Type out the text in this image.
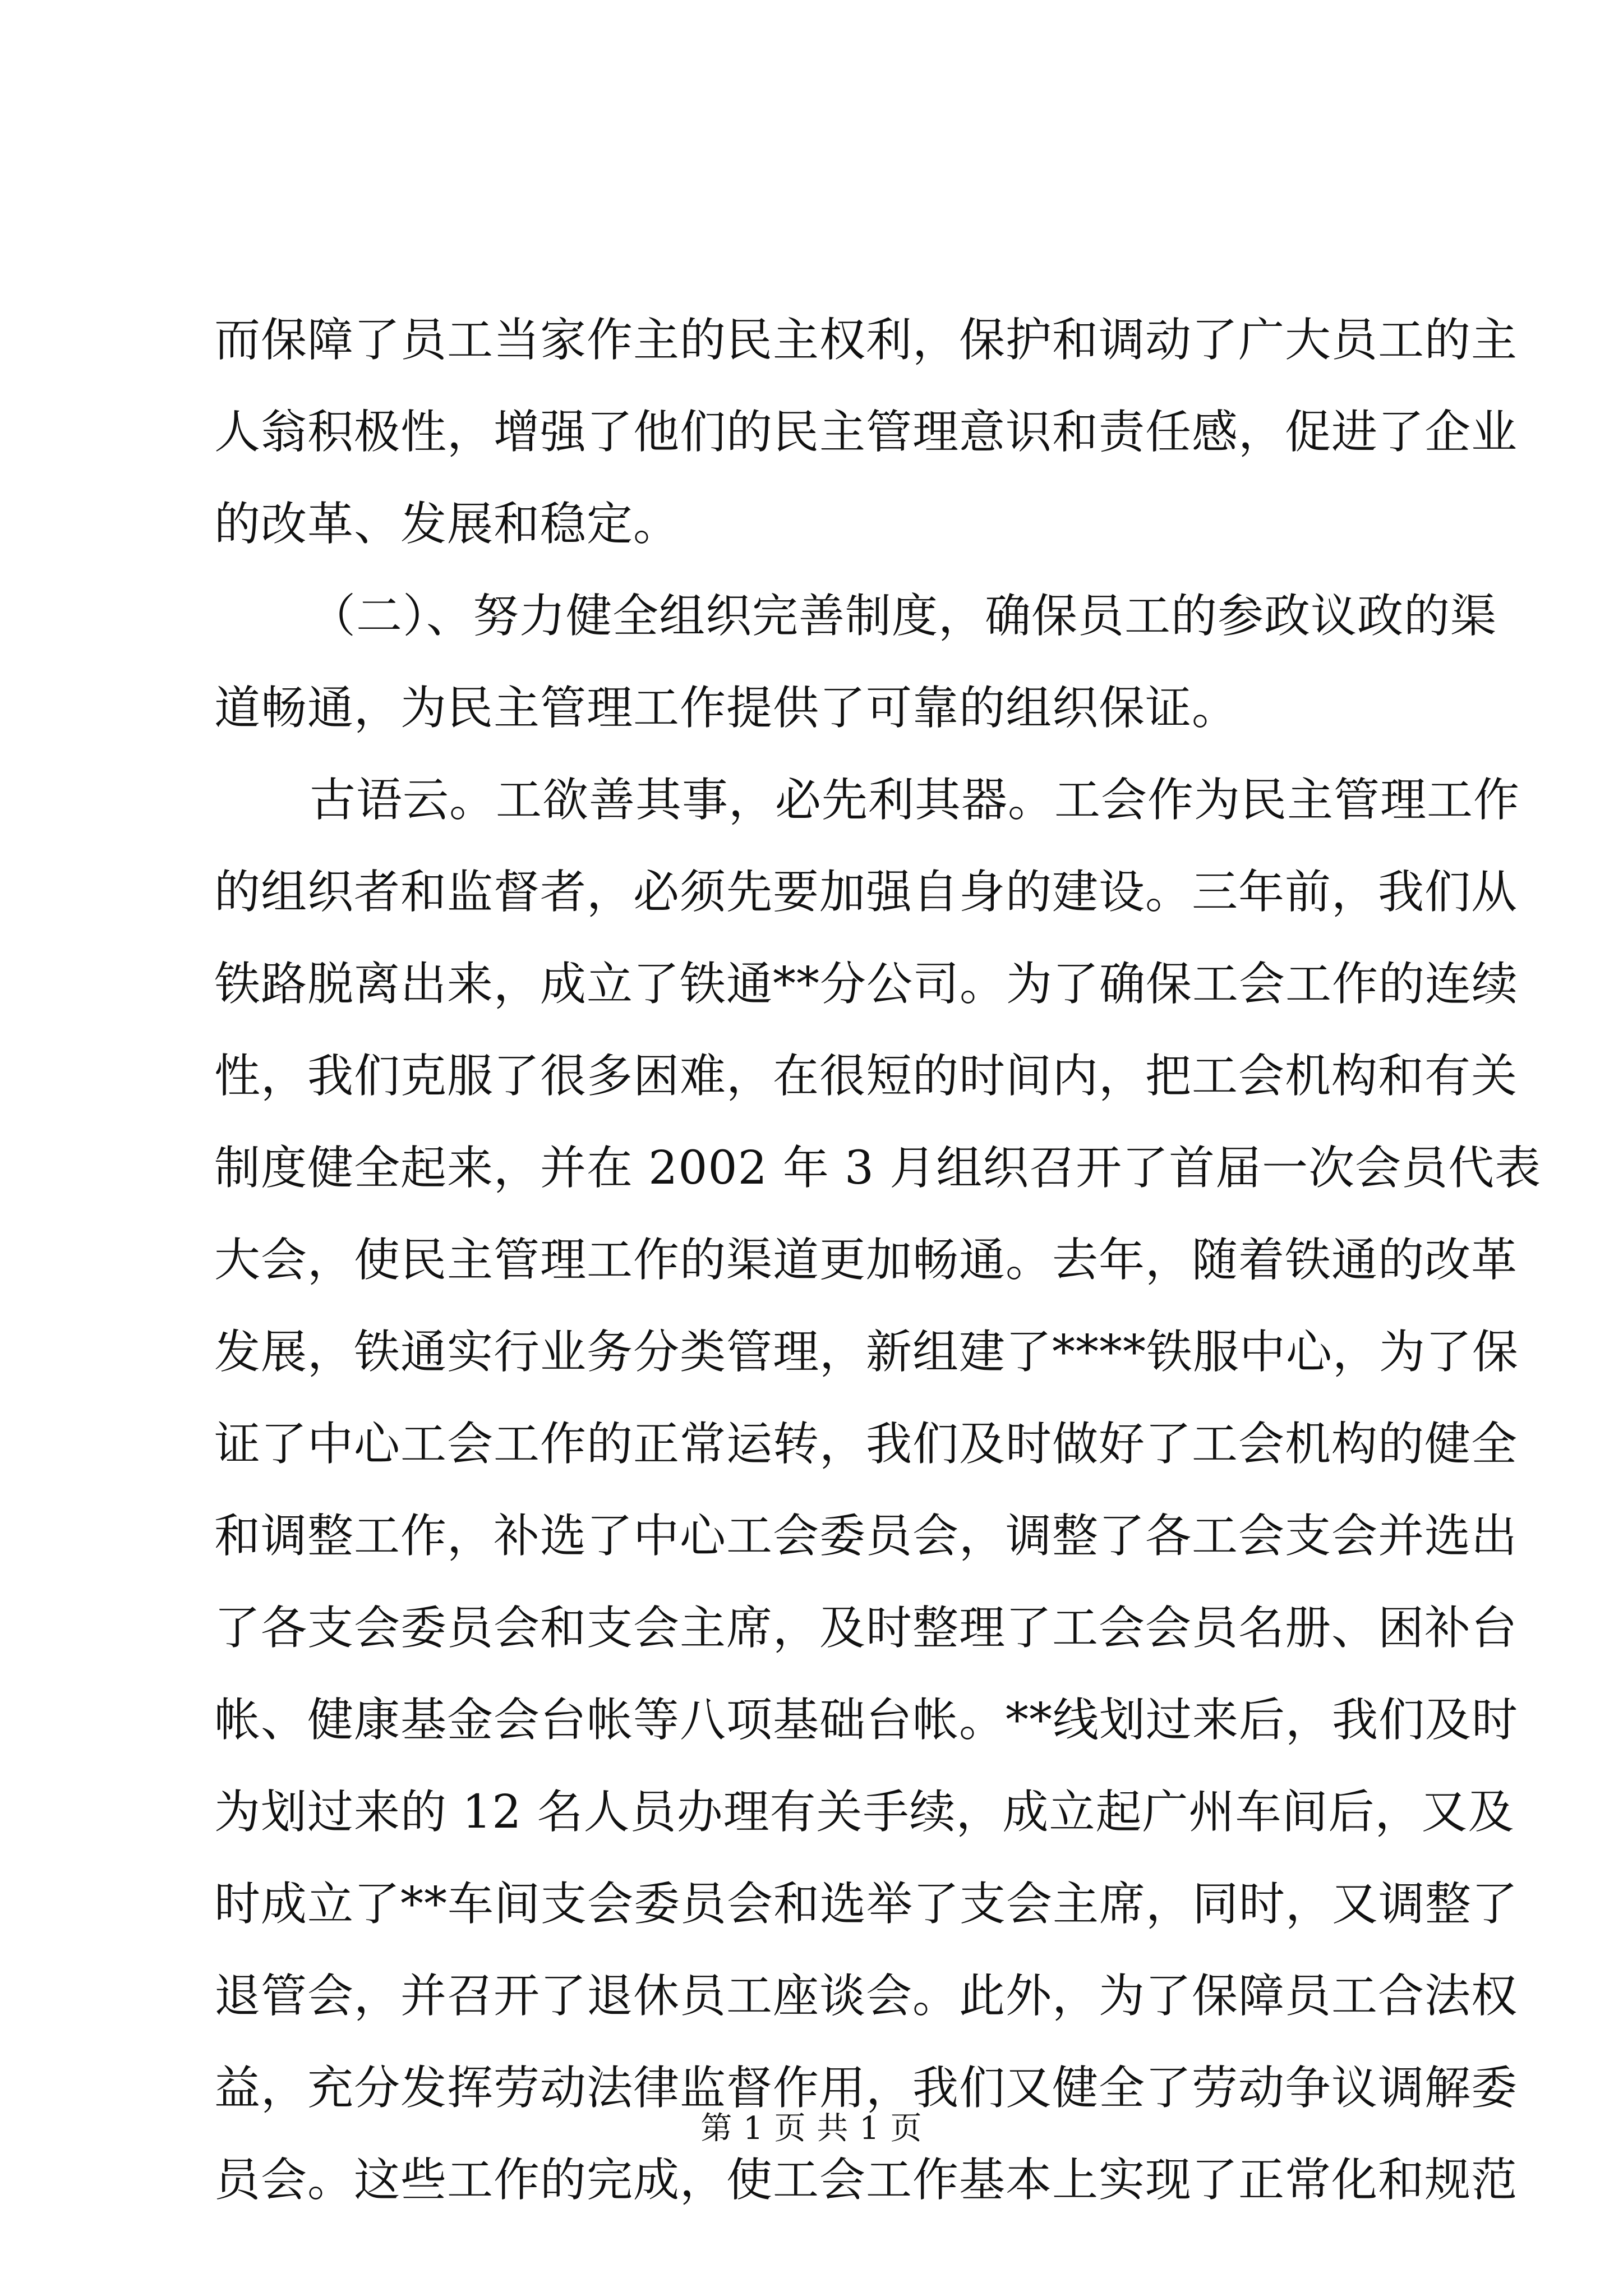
而保障了员工当家作主的民主权利，保护和调动了广大员工的主
人翁积极性，增强了他们的民主管理意识和责任感，促进了企业
的改革、发展和稳定。
（二）、努力健全组织完善制度，确保员工的参政议政的渠
道畅通，为民主管理工作提供了可靠的组织保证。
古语云。工欲善其事，必先利其器。工会作为民主管理工作
的组织者和监督者，必须先要加强自身的建设。三年前，我们从
铁路脱离出来，成立了铁通**分公司。为了确保工会工作的连续
性，我们克服了很多困难，在很短的时间内，把工会机构和有关
制度健全起来，并在 2002 年 3 月组织召开了首届一次会员代表
大会，使民主管理工作的渠道更加畅通。去年，随着铁通的改革
发展，铁通实行业务分类管理，新组建了****铁服中心，为了保
证了中心工会工作的正常运转，我们及时做好了工会机构的健全
和调整工作，补选了中心工会委员会，调整了各工会支会并选出
了各支会委员会和支会主席，及时整理了工会会员名册、困补台
帐、健康基金会台帐等八项基础台帐。**线划过来后，我们及时
为划过来的 12 名人员办理有关手续，成立起广州车间后，又及
时成立了**车间支会委员会和选举了支会主席，同时，又调整了
退管会，并召开了退休员工座谈会。此外，为了保障员工合法权
益，充分发挥劳动法律监督作用，我们又健全了劳动争议调解委
员会。这些工作的完成，使工会工作基本上实现了正常化和规范
第 1 页 共 1 页
